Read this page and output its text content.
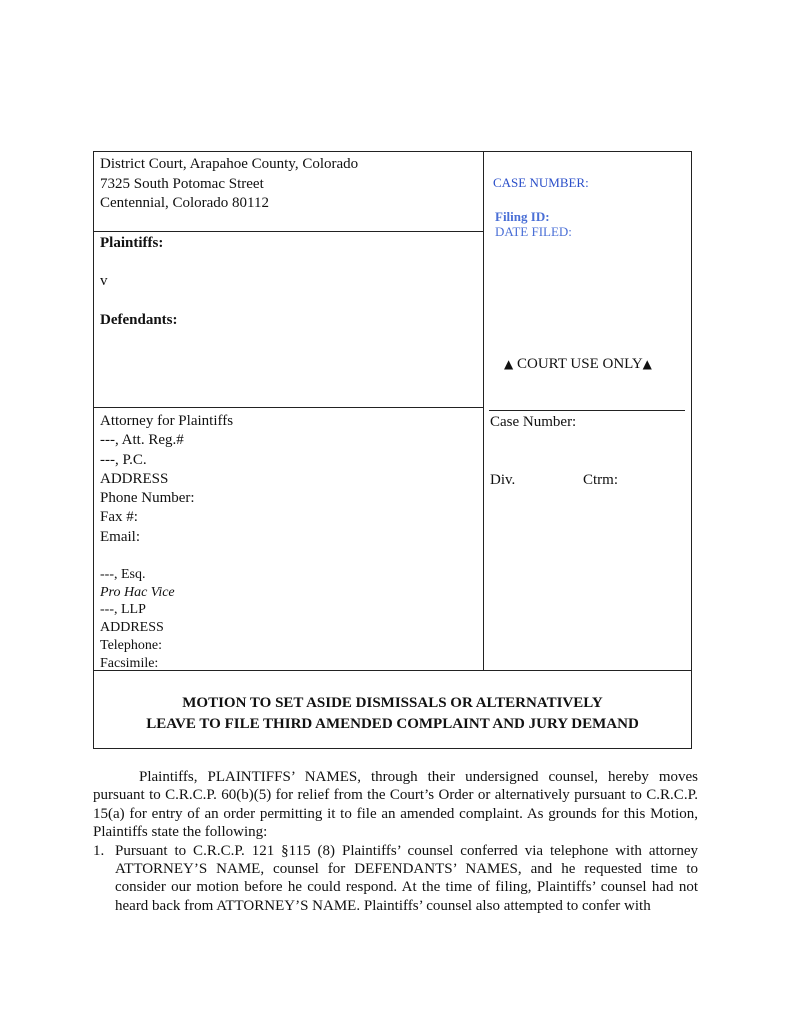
District Court, Arapahoe County, Colorado
7325 South Potomac Street
Centennial, Colorado 80112
Plaintiffs:
v
Defendants:
Attorney for Plaintiffs
---, Att. Reg.#
---, P.C.
ADDRESS
Phone Number:
Fax #:
Email:
---, Esq.
Pro Hac Vice
---, LLP
ADDRESS
Telephone:
Facsimile:
CASE NUMBER:
Filing ID:
DATE FILED:
▲ COURT USE ONLY▲
Case Number:
Div.	Ctrm:
MOTION TO SET ASIDE DISMISSALS OR ALTERNATIVELY
LEAVE TO FILE THIRD AMENDED COMPLAINT AND JURY DEMAND
Plaintiffs, PLAINTIFFS’ NAMES, through their undersigned counsel, hereby moves pursuant to C.R.C.P. 60(b)(5) for relief from the Court’s Order or alternatively pursuant to C.R.C.P. 15(a) for entry of an order permitting it to file an amended complaint. As grounds for this Motion, Plaintiffs state the following:
1. Pursuant to C.R.C.P. 121 §115 (8) Plaintiffs’ counsel conferred via telephone with attorney ATTORNEY’S NAME, counsel for DEFENDANTS’ NAMES, and he requested time to consider our motion before he could respond. At the time of filing, Plaintiffs’ counsel had not heard back from ATTORNEY’S NAME. Plaintiffs’ counsel also attempted to confer with
